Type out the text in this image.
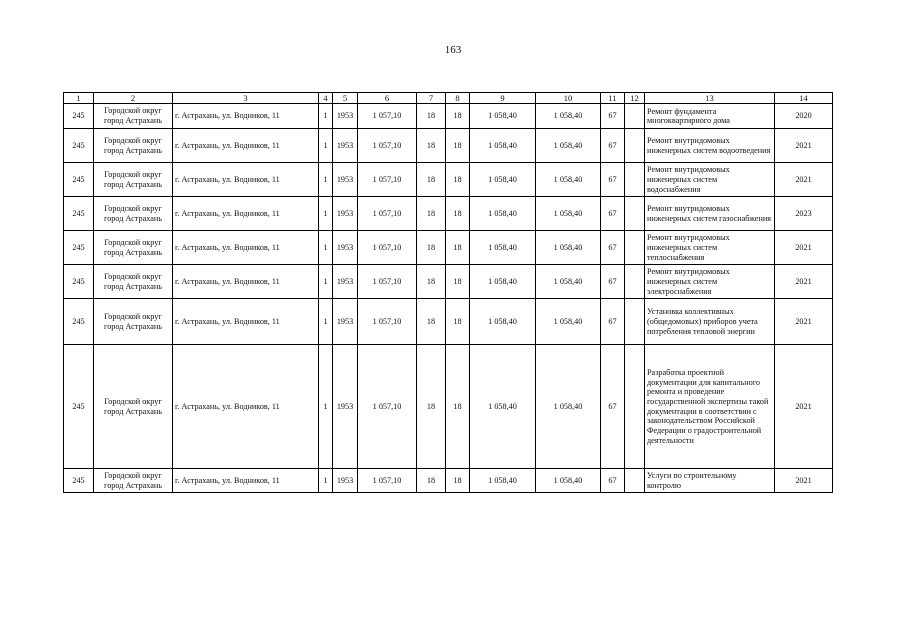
163
1	2	3	4	5	6	7	8	9	10	11	12	13	14
245	Городской округ город Астрахань	г. Астрахань, ул. Водников, 11	1	1953	1 057,10	18	18	1 058,40	1 058,40	67		Ремонт фундамента многоквартирного дома	2020
245	Городской округ город Астрахань	г. Астрахань, ул. Водников, 11	1	1953	1 057,10	18	18	1 058,40	1 058,40	67		Ремонт внутридомовых инженерных систем водоотведения	2021
245	Городской округ город Астрахань	г. Астрахань, ул. Водников, 11	1	1953	1 057,10	18	18	1 058,40	1 058,40	67		Ремонт внутридомовых инженерных систем водоснабжения	2021
245	Городской округ город Астрахань	г. Астрахань, ул. Водников, 11	1	1953	1 057,10	18	18	1 058,40	1 058,40	67		Ремонт внутридомовых инженерных систем газоснабжения	2023
245	Городской округ город Астрахань	г. Астрахань, ул. Водников, 11	1	1953	1 057,10	18	18	1 058,40	1 058,40	67		Ремонт внутридомовых инженерных систем теплоснабжения	2021
245	Городской округ город Астрахань	г. Астрахань, ул. Водников, 11	1	1953	1 057,10	18	18	1 058,40	1 058,40	67		Ремонт внутридомовых инженерных систем электроснабжения	2021
245	Городской округ город Астрахань	г. Астрахань, ул. Водников, 11	1	1953	1 057,10	18	18	1 058,40	1 058,40	67		Установка коллективных (общедомовых) приборов учета потребления тепловой энергии	2021
245	Городской округ город Астрахань	г. Астрахань, ул. Водников, 11	1	1953	1 057,10	18	18	1 058,40	1 058,40	67		Разработка проектной документации для капитального ремонта и проведение государственной экспертизы такой документации в соответствии с законодательством Российской Федерации о градостроительной деятельности	2021
245	Городской округ город Астрахань	г. Астрахань, ул. Водников, 11	1	1953	1 057,10	18	18	1 058,40	1 058,40	67		Услуги по строительному контролю	2021
